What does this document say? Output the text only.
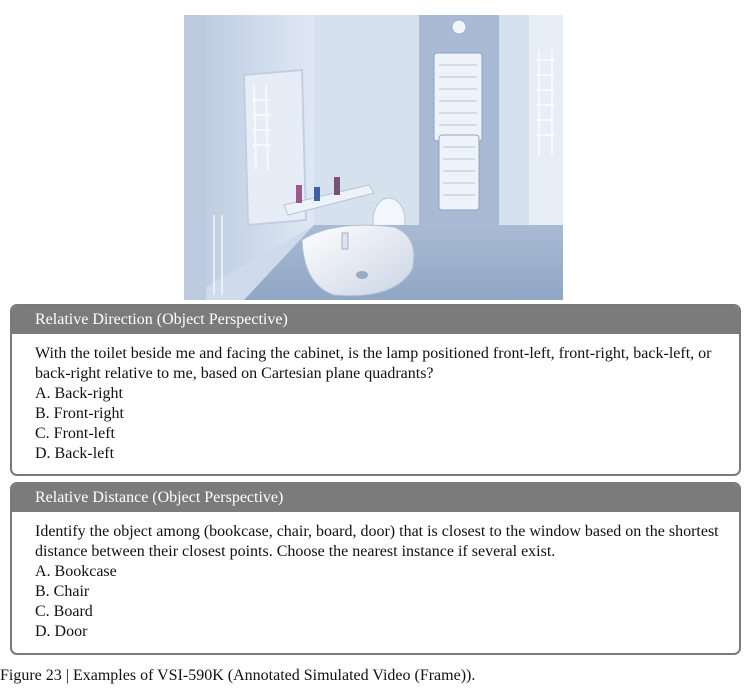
Relative Direction (Object Perspective)
With the toilet beside me and facing the cabinet, is the lamp positioned front-left, front-right, back-left, or back-right relative to me, based on Cartesian plane quadrants?
A. Back-right
B. Front-right
C. Front-left
D. Back-left
Relative Distance (Object Perspective)
Identify the object among (bookcase, chair, board, door) that is closest to the window based on the shortest distance between their closest points. Choose the nearest instance if several exist.
A. Bookcase
B. Chair
C. Board
D. Door
Figure 23 | Examples of VSI-590K (Annotated Simulated Video (Frame)).
